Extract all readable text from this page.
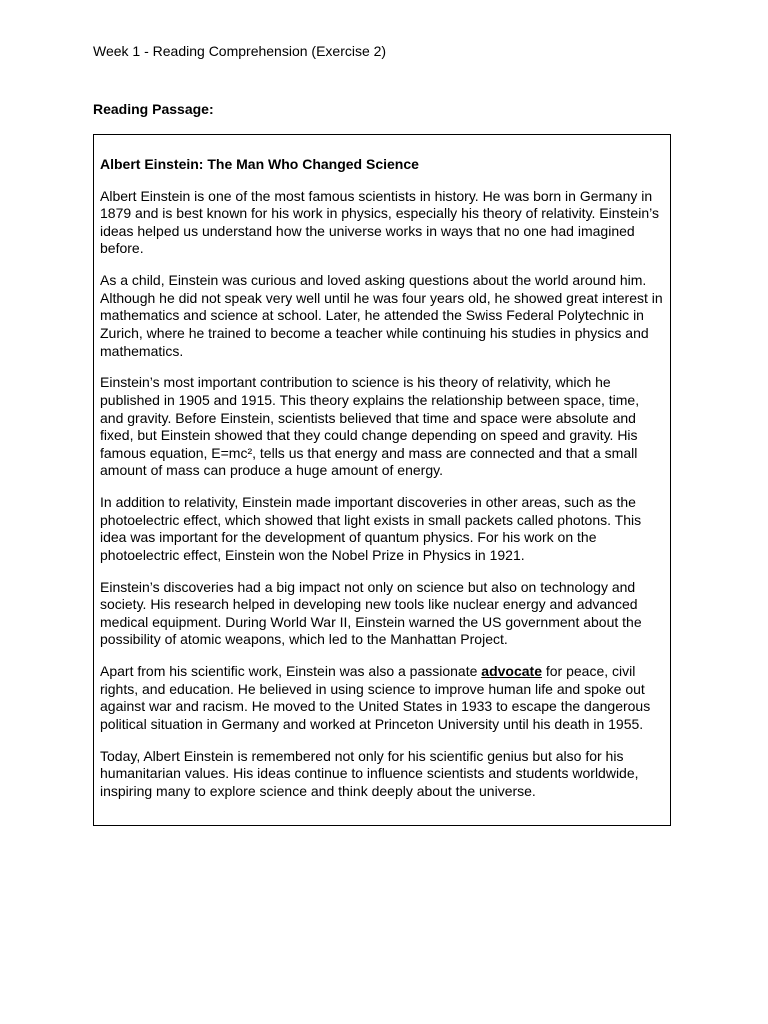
Week 1 - Reading Comprehension (Exercise 2)
Reading Passage:

Albert Einstein: The Man Who Changed Science

Albert Einstein is one of the most famous scientists in history. He was born in Germany in 1879 and is best known for his work in physics, especially his theory of relativity. Einstein’s ideas helped us understand how the universe works in ways that no one had imagined before.

As a child, Einstein was curious and loved asking questions about the world around him. Although he did not speak very well until he was four years old, he showed great interest in mathematics and science at school. Later, he attended the Swiss Federal Polytechnic in Zurich, where he trained to become a teacher while continuing his studies in physics and mathematics.

Einstein’s most important contribution to science is his theory of relativity, which he published in 1905 and 1915. This theory explains the relationship between space, time, and gravity. Before Einstein, scientists believed that time and space were absolute and fixed, but Einstein showed that they could change depending on speed and gravity. His famous equation, E=mc², tells us that energy and mass are connected and that a small amount of mass can produce a huge amount of energy.

In addition to relativity, Einstein made important discoveries in other areas, such as the photoelectric effect, which showed that light exists in small packets called photons. This idea was important for the development of quantum physics. For his work on the photoelectric effect, Einstein won the Nobel Prize in Physics in 1921.

Einstein’s discoveries had a big impact not only on science but also on technology and society. His research helped in developing new tools like nuclear energy and advanced medical equipment. During World War II, Einstein warned the US government about the possibility of atomic weapons, which led to the Manhattan Project.

Apart from his scientific work, Einstein was also a passionate advocate for peace, civil rights, and education. He believed in using science to improve human life and spoke out against war and racism. He moved to the United States in 1933 to escape the dangerous political situation in Germany and worked at Princeton University until his death in 1955.

Today, Albert Einstein is remembered not only for his scientific genius but also for his humanitarian values. His ideas continue to influence scientists and students worldwide, inspiring many to explore science and think deeply about the universe.
